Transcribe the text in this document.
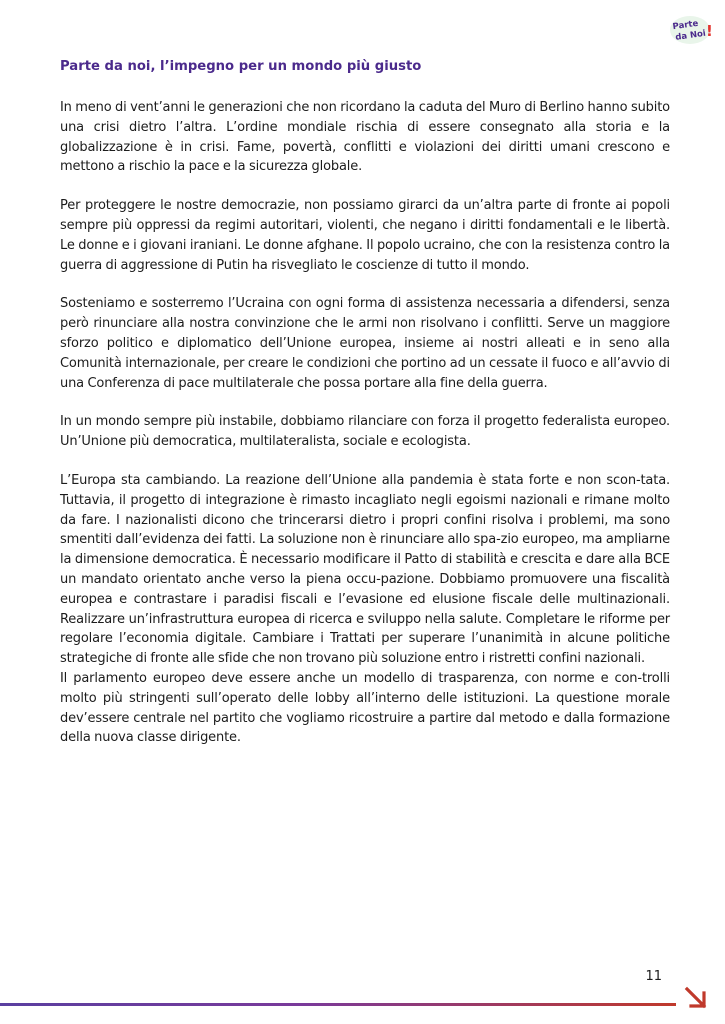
Parte
da Noi !
Parte da noi, l’impegno per un mondo più giusto

In meno di vent’anni le generazioni che non ricordano la caduta del Muro di Berlino hanno subito una crisi dietro l’altra. L’ordine mondiale rischia di essere consegnato alla storia e la globalizzazione è in crisi. Fame, povertà, conflitti e violazioni dei diritti umani crescono e mettono a rischio la pace e la sicurezza globale.

Per proteggere le nostre democrazie, non possiamo girarci da un’altra parte di fronte ai popoli sempre più oppressi da regimi autoritari, violenti, che negano i diritti fondamentali e le libertà. Le donne e i giovani iraniani. Le donne afghane. Il popolo ucraino, che con la resistenza contro la guerra di aggressione di Putin ha risvegliato le coscienze di tutto il mondo.

Sosteniamo e sosterremo l’Ucraina con ogni forma di assistenza necessaria a difendersi, senza però rinunciare alla nostra convinzione che le armi non risolvano i conflitti. Serve un maggiore sforzo politico e diplomatico dell’Unione europea, insieme ai nostri alleati e in seno alla Comunità internazionale, per creare le condizioni che portino ad un cessate il fuoco e all’avvio di una Conferenza di pace multilaterale che possa portare alla fine della guerra.

In un mondo sempre più instabile, dobbiamo rilanciare con forza il progetto federalista europeo. Un’Unione più democratica, multilateralista, sociale e ecologista.

L’Europa sta cambiando. La reazione dell’Unione alla pandemia è stata forte e non scon-tata. Tuttavia, il progetto di integrazione è rimasto incagliato negli egoismi nazionali e rimane molto da fare. I nazionalisti dicono che trincerarsi dietro i propri confini risolva i problemi, ma sono smentiti dall’evidenza dei fatti. La soluzione non è rinunciare allo spa-zio europeo, ma ampliarne la dimensione democratica. È necessario modificare il Patto di stabilità e crescita e dare alla BCE un mandato orientato anche verso la piena occu-pazione. Dobbiamo promuovere una fiscalità europea e contrastare i paradisi fiscali e l’evasione ed elusione fiscale delle multinazionali. Realizzare un’infrastruttura europea di ricerca e sviluppo nella salute. Completare le riforme per regolare l’economia digitale. Cambiare i Trattati per superare l’unanimità in alcune politiche strategiche di fronte alle sfide che non trovano più soluzione entro i ristretti confini nazionali.

Il parlamento europeo deve essere anche un modello di trasparenza, con norme e con-trolli molto più stringenti sull’operato delle lobby all’interno delle istituzioni. La questione morale dev’essere centrale nel partito che vogliamo ricostruire a partire dal metodo e dalla formazione della nuova classe dirigente.

11
